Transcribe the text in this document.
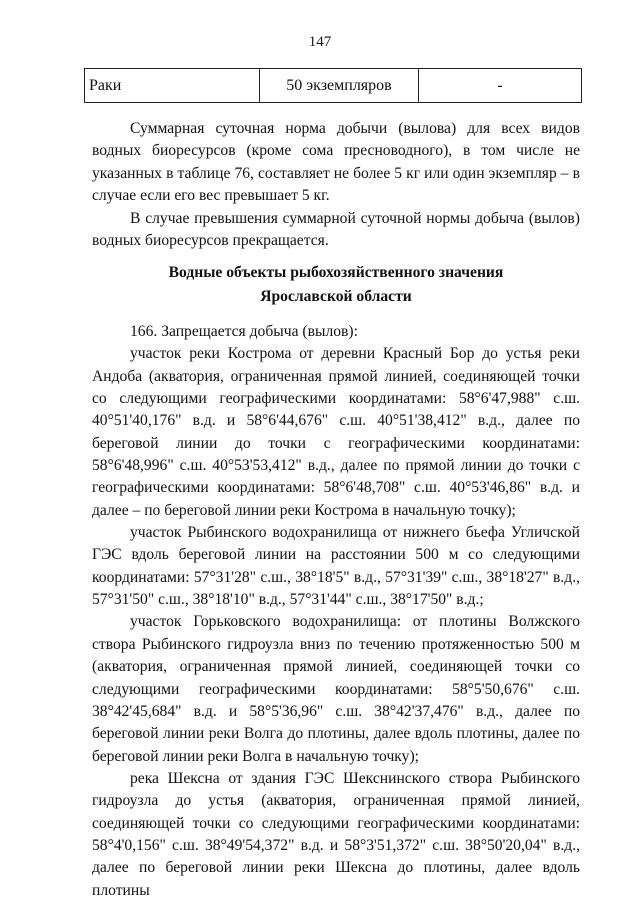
147
Раки	50 экземпляров	-

Суммарная суточная норма добычи (вылова) для всех видов водных биоресурсов (кроме сома пресноводного), в том числе не указанных в таблице 76, составляет не более 5 кг или один экземпляр – в случае если его вес превышает 5 кг.

В случае превышения суммарной суточной нормы добыча (вылов) водных биоресурсов прекращается.

Водные объекты рыбохозяйственного значения
Ярославской области

166. Запрещается добыча (вылов):

участок реки Кострома от деревни Красный Бор до устья реки Андоба (акватория, ограниченная прямой линией, соединяющей точки со следующими географическими координатами: 58°6'47,988" с.ш. 40°51'40,176" в.д. и 58°6'44,676" с.ш. 40°51'38,412" в.д., далее по береговой линии до точки с географическими координатами: 58°6'48,996" с.ш. 40°53'53,412" в.д., далее по прямой линии до точки с географическими координатами: 58°6'48,708" с.ш. 40°53'46,86" в.д. и далее – по береговой линии реки Кострома в начальную точку);

участок Рыбинского водохранилища от нижнего бьефа Угличской ГЭС вдоль береговой линии на расстоянии 500 м со следующими координатами: 57°31'28" с.ш., 38°18'5" в.д., 57°31'39" с.ш., 38°18'27" в.д., 57°31'50" с.ш., 38°18'10" в.д., 57°31'44" с.ш., 38°17'50" в.д.;

участок Горьковского водохранилища: от плотины Волжского створа Рыбинского гидроузла вниз по течению протяженностью 500 м (акватория, ограниченная прямой линией, соединяющей точки со следующими географическими координатами: 58°5'50,676" с.ш. 38°42'45,684" в.д. и 58°5'36,96" с.ш. 38°42'37,476" в.д., далее по береговой линии реки Волга до плотины, далее вдоль плотины, далее по береговой линии реки Волга в начальную точку);

река Шексна от здания ГЭС Шекснинского створа Рыбинского гидроузла до устья (акватория, ограниченная прямой линией, соединяющей точки со следующими географическими координатами: 58°4'0,156" с.ш. 38°49'54,372" в.д. и 58°3'51,372" с.ш. 38°50'20,04" в.д., далее по береговой линии реки Шексна до плотины, далее вдоль плотины
